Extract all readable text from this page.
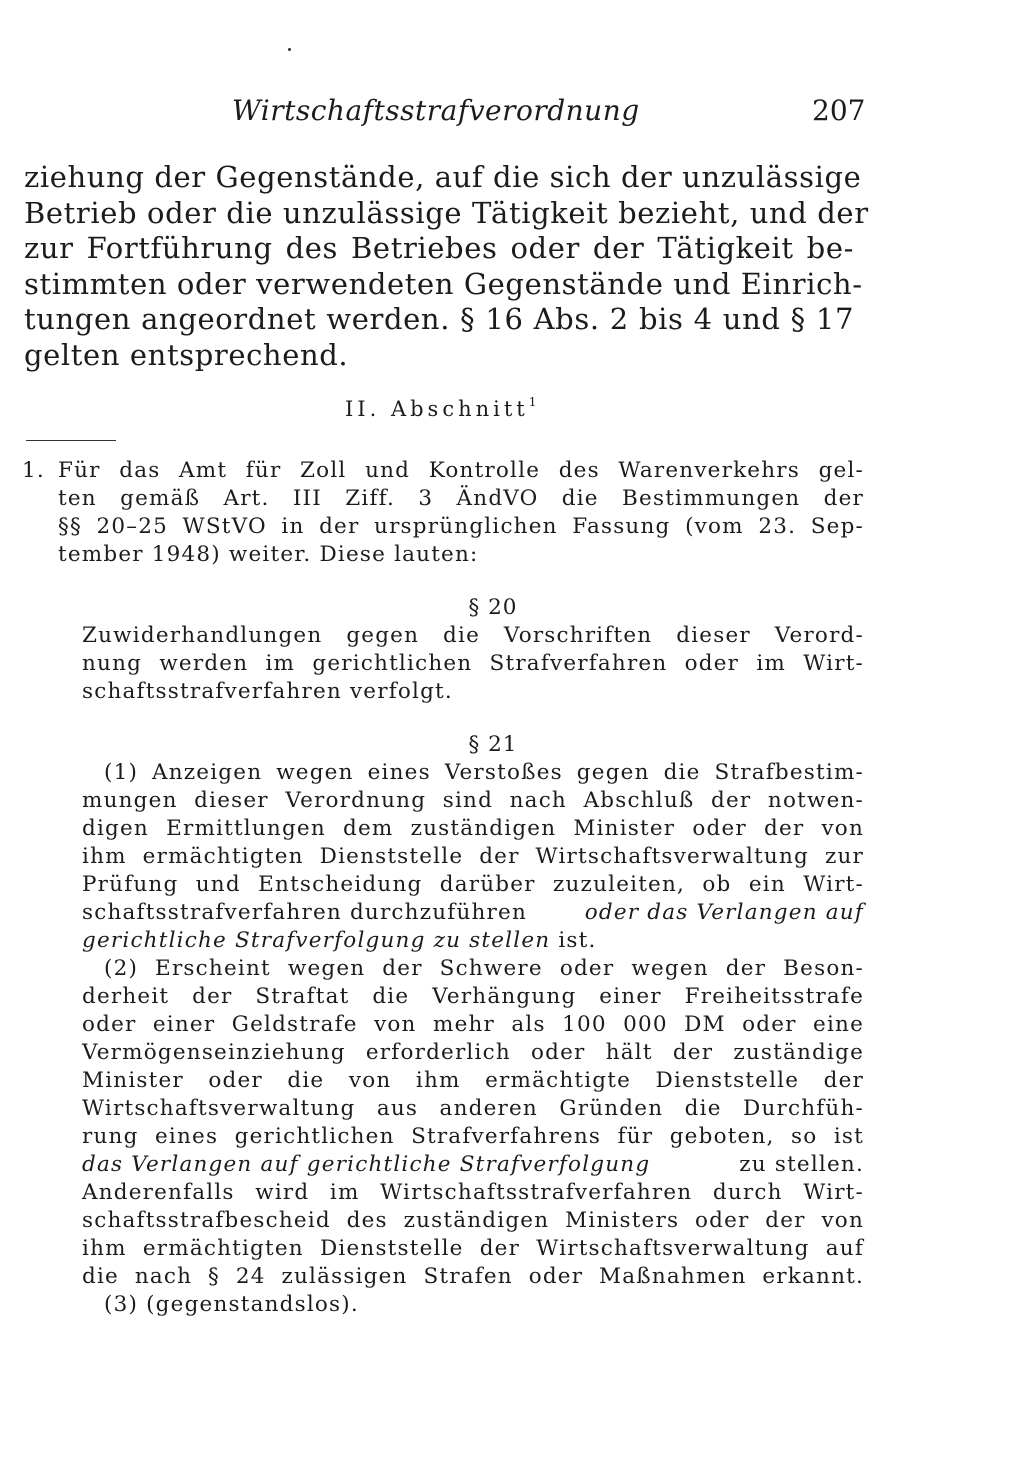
Wirtschaftsstrafverordnung	207
ziehung der Gegenstände, auf die sich der unzulässige
Betrieb oder die unzulässige Tätigkeit bezieht, und der
zur Fortführung des Betriebes oder der Tätigkeit be-
stimmten oder verwendeten Gegenstände und Einrich-
tungen angeordnet werden. § 16 Abs. 2 bis 4 und § 17
gelten entsprechend.
II. Abschnitt$^1$
1. Für das Amt für Zoll und Kontrolle des Warenverkehrs gel-
ten gemäß Art. III Ziff. 3 ÄndVO die Bestimmungen der
§§ 20–25 WStVO in der ursprünglichen Fassung (vom 23. Sep-
tember 1948) weiter. Diese lauten:
§ 20
Zuwiderhandlungen gegen die Vorschriften dieser Verord-
nung werden im gerichtlichen Strafverfahren oder im Wirt-
schaftsstrafverfahren verfolgt.
§ 21
(1) Anzeigen wegen eines Verstoßes gegen die Strafbestim-
mungen dieser Verordnung sind nach Abschluß der notwen-
digen Ermittlungen dem zuständigen Minister oder der von
ihm ermächtigten Dienststelle der Wirtschaftsverwaltung zur
Prüfung und Entscheidung darüber zuzuleiten, ob ein Wirt-
schaftsstrafverfahren durchzuführen	oder das Verlangen auf
gerichtliche Strafverfolgung zu stellen ist.
(2) Erscheint wegen der Schwere oder wegen der Beson-
derheit der Straftat die Verhängung einer Freiheitsstrafe
oder einer Geldstrafe von mehr als 100 000 DM oder eine
Vermögenseinziehung erforderlich oder hält der zuständige
Minister oder die von ihm ermächtigte Dienststelle der
Wirtschaftsverwaltung aus anderen Gründen die Durchfüh-
rung eines gerichtlichen Strafverfahrens für geboten, so ist
das Verlangen auf gerichtliche Strafverfolgung	zu stellen.
Anderenfalls wird im Wirtschaftsstrafverfahren durch Wirt-
schaftsstrafbescheid des zuständigen Ministers oder der von
ihm ermächtigten Dienststelle der Wirtschaftsverwaltung auf
die nach § 24 zulässigen Strafen oder Maßnahmen erkannt.
(3) (gegenstandslos).
